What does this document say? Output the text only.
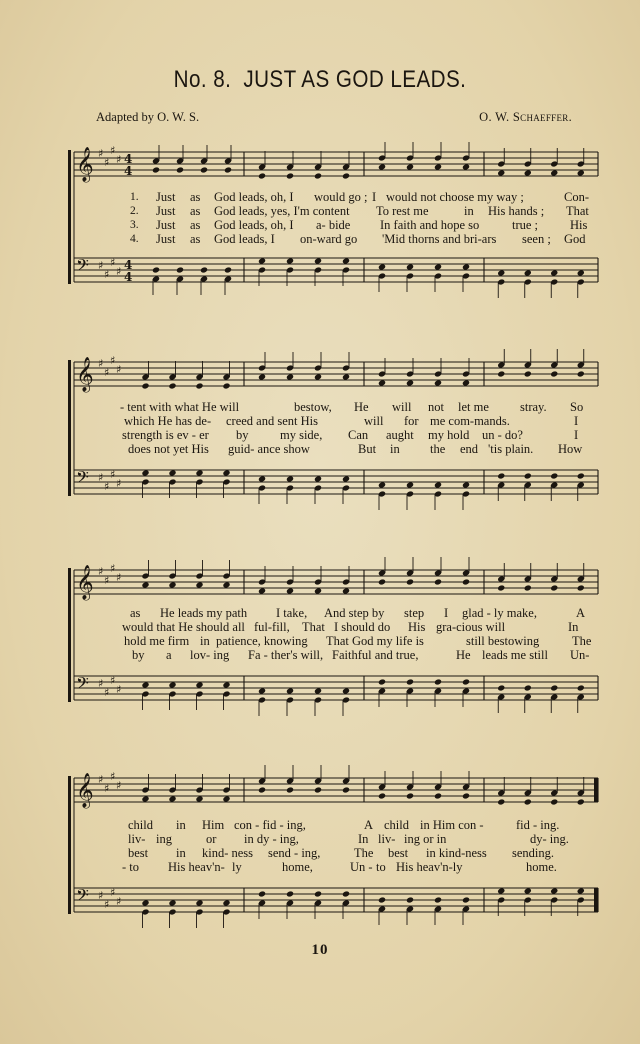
No. 8. JUST AS GOD LEADS.
Adapted by O. W. S.	O. W. Schaeffer.
𝄞 ♯
♯
♯
♯ 4
4
𝄢 ♯
♯
♯
♯ 4
4
1. Just as God leads, oh, I would go ; I would not choose my way ;	Con-
2. Just as God leads, yes, I'm content To rest me	in His hands ; That
3. Just as God leads, oh, I a- bide In faith and hope so	true ;	His
4. Just as God leads, I on-ward go 'Mid thorns and bri-ars seen ; God
𝄞 ♯
♯
♯
♯
𝄢 ♯
♯
♯
♯
- tent with what He will	bestow, He will not let me stray. So
which He has de- creed and sent His	will for me com-mands.	I
strength is ev - er by	my side, Can aught my hold un - do?	I
does not yet His guid- ance show	But in the end 'tis plain. How
𝄞 ♯
♯
♯
♯
𝄢 ♯
♯
♯
♯
as He leads my path I take, And step by step I glad - ly make,	A
would that He should all ful-fill, That I should do His gra-cious will	In
hold me firm in patience, knowing That God my life is	still bestowing	The
by a lov- ing Fa - ther's will, Faithful and true,	He leads me still Un-
𝄞 ♯
♯
♯
♯
𝄢 ♯
♯
♯
♯
child in Him con - fid - ing,	A child in Him con -	fid - ing.
liv- ing	or in dy - ing,	In liv- ing or in	dy- ing.
best in kind- ness send - ing,	The best in kind-ness sending.
- to His heav'n- ly	home,	Un - to His heav'n-ly	home.
10
